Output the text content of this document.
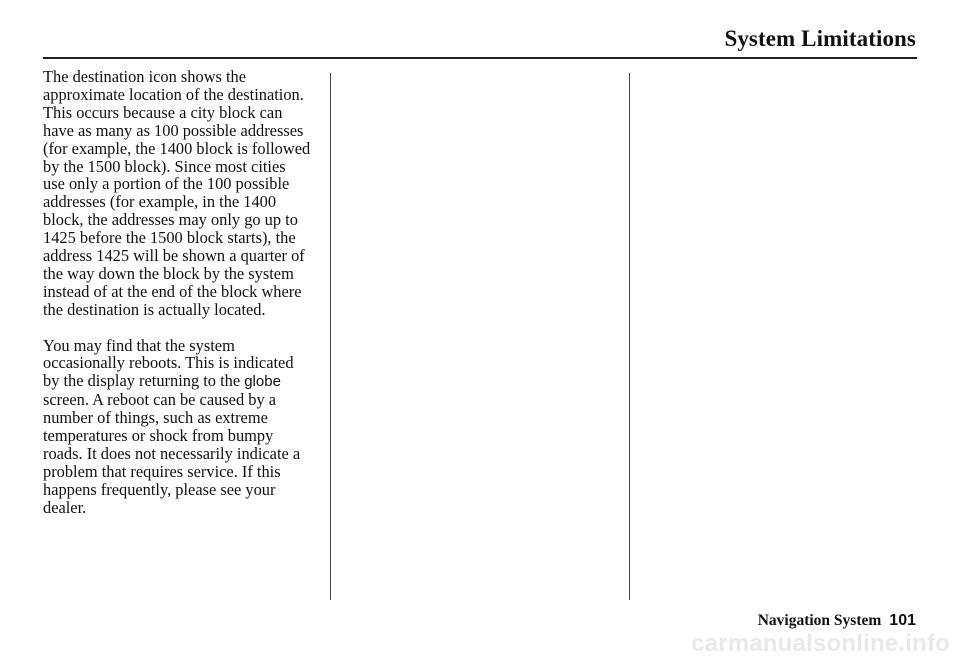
System Limitations

The destination icon shows the
approximate location of the destination.
This occurs because a city block can
have as many as 100 possible addresses
(for example, the 1400 block is followed
by the 1500 block). Since most cities
use only a portion of the 100 possible
addresses (for example, in the 1400
block, the addresses may only go up to
1425 before the 1500 block starts), the
address 1425 will be shown a quarter of
the way down the block by the system
instead of at the end of the block where
the destination is actually located.

You may find that the system
occasionally reboots. This is indicated
by the display returning to the globe
screen. A reboot can be caused by a
number of things, such as extreme
temperatures or shock from bumpy
roads. It does not necessarily indicate a
problem that requires service. If this
happens frequently, please see your
dealer.

Navigation System 101
carmanualsonline.info
